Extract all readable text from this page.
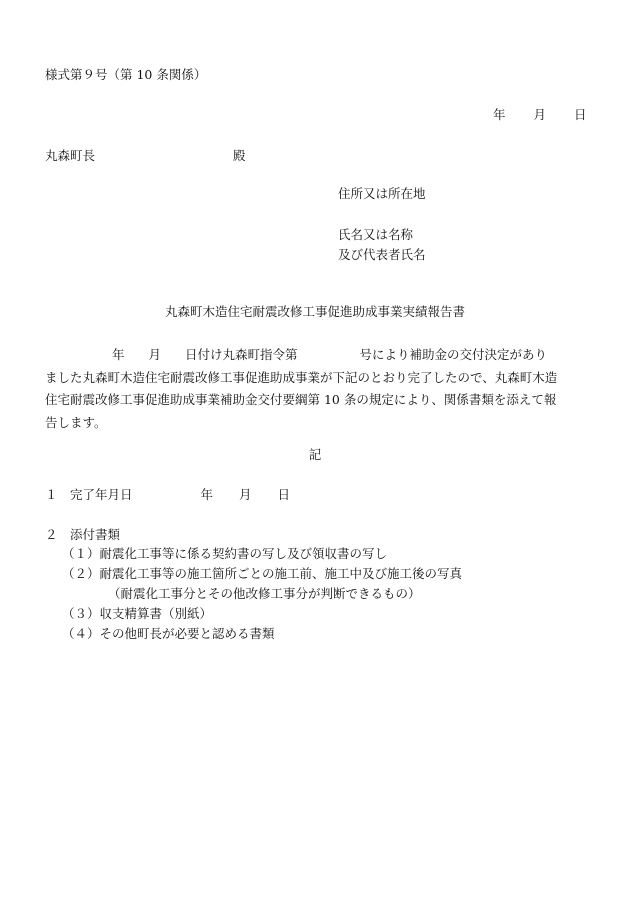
様式第９号（第 10 条関係）
年 月 日
丸森町長	殿
住所又は所在地
氏名又は名称
及び代表者氏名
丸森町木造住宅耐震改修工事促進助成事業実績報告書
年 月 日付け丸森町指令第	号により補助金の交付決定があり
ました丸森町木造住宅耐震改修工事促進助成事業が下記のとおり完了したので、丸森町木造
住宅耐震改修工事促進助成事業補助金交付要綱第 10 条の規定により、関係書類を添えて報
告します。
記
１　完了年月日	年 月 日
２　添付書類
（１）耐震化工事等に係る契約書の写し及び領収書の写し
（２）耐震化工事等の施工箇所ごとの施工前、施工中及び施工後の写真
（耐震化工事分とその他改修工事分が判断できるもの）
（３）収支精算書（別紙）
（４）その他町長が必要と認める書類
